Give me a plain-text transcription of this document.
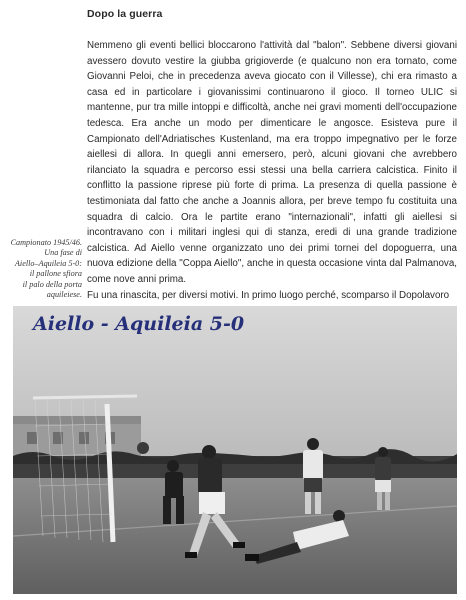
Dopo la guerra

Nemmeno gli eventi bellici bloccarono l'attività dal "balon". Sebbene diversi giovani avessero dovuto vestire la giubba grigioverde (e qualcuno non era tornato, come Giovanni Peloi, che in precedenza aveva giocato con il Villesse), chi era rimasto a casa ed in particolare i giovanissimi continuarono il gioco. Il torneo ULIC si mantenne, pur tra mille intoppi e difficoltà, anche nei gravi momenti dell'occupazione tedesca. Era anche un modo per dimenticare le angosce. Esisteva pure il Campionato dell'Adriatisches Kustenland, ma era troppo impegnativo per le forze aiellesi di allora. In quegli anni emersero, però, alcuni giovani che avrebbero rilanciato la squadra e percorso essi stessi una bella carriera calcistica. Finito il conflitto la passione riprese più forte di prima. La presenza di quella passione è testimoniata dal fatto che anche a Joannis allora, per breve tempo fu costituita una squadra di calcio. Ora le partite erano "internazionali", infatti gli aiellesi si incontravano con i militari inglesi qui di stanza, eredi di una grande tradizione calcistica. Ad Aiello venne organizzato uno dei primi tornei del dopoguerra, una nuova edizione della "Coppa Aiello", anche in questa occasione vinta dal Palmanova, come nove anni prima.

Fu una rinascita, per diversi motivi. In primo luogo perché, scomparso il Dopolavoro

Campionato 1945/46.
Una fase di
Aiello–Aquileia 5-0:
il pallone sfiora
il palo della porta
aquileiese.
Aiello - Aquileia 5-0
